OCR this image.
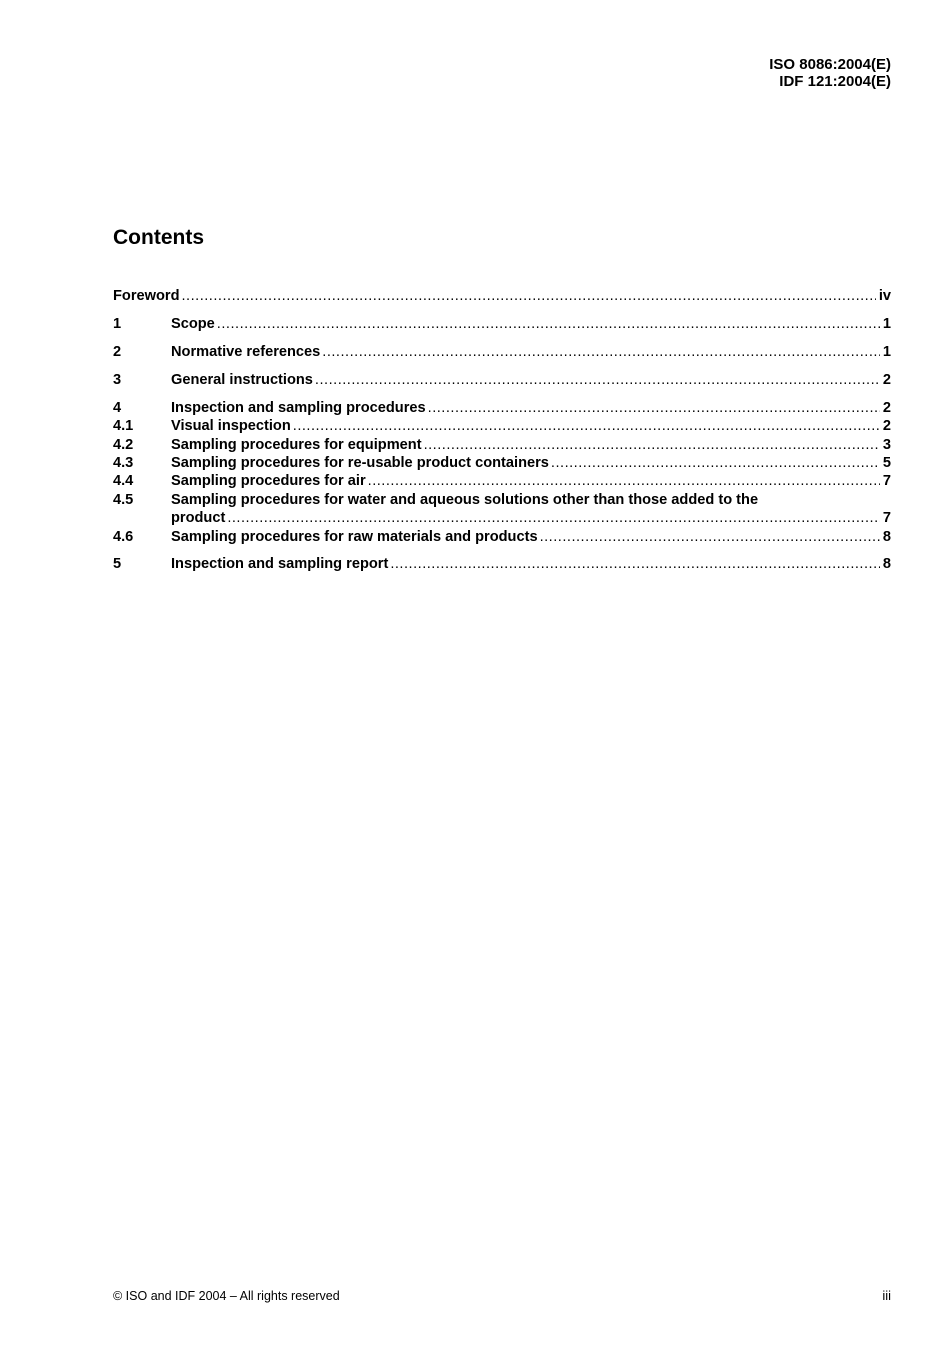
ISO 8086:2004(E)
IDF 121:2004(E)
Contents
Foreword .....	iv
1	Scope .....	1
2	Normative references .....	1
3	General instructions .....	2
4	Inspection and sampling procedures .....	2
4.1	Visual inspection .....	2
4.2	Sampling procedures for equipment .....	3
4.3	Sampling procedures for re-usable product containers .....	5
4.4	Sampling procedures for air .....	7
4.5	Sampling procedures for water and aqueous solutions other than those added to the
product .....	7
4.6	Sampling procedures for raw materials and products .....	8
5	Inspection and sampling report .....	8
© ISO and IDF 2004 – All rights reserved	iii
